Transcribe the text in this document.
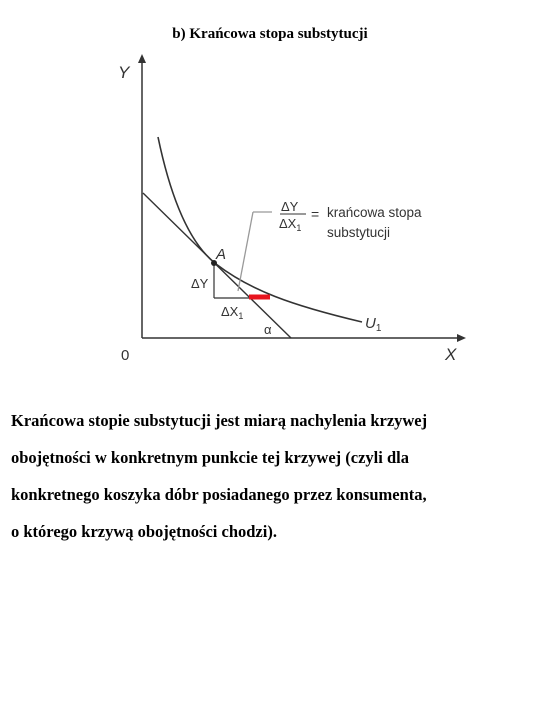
b) Krańcowa stopa substytucji
Y
X
0
A
ΔY
$\Delta X_1$
α	$U_1$
ΔY
$\Delta X_1$
= krańcowa stopa
substytucji

Krańcowa stopie substytucji jest miarą nachylenia krzywej
obojętności w konkretnym punkcie tej krzywej (czyli dla
konkretnego koszyka dóbr posiadanego przez konsumenta,
o którego krzywą obojętności chodzi).
